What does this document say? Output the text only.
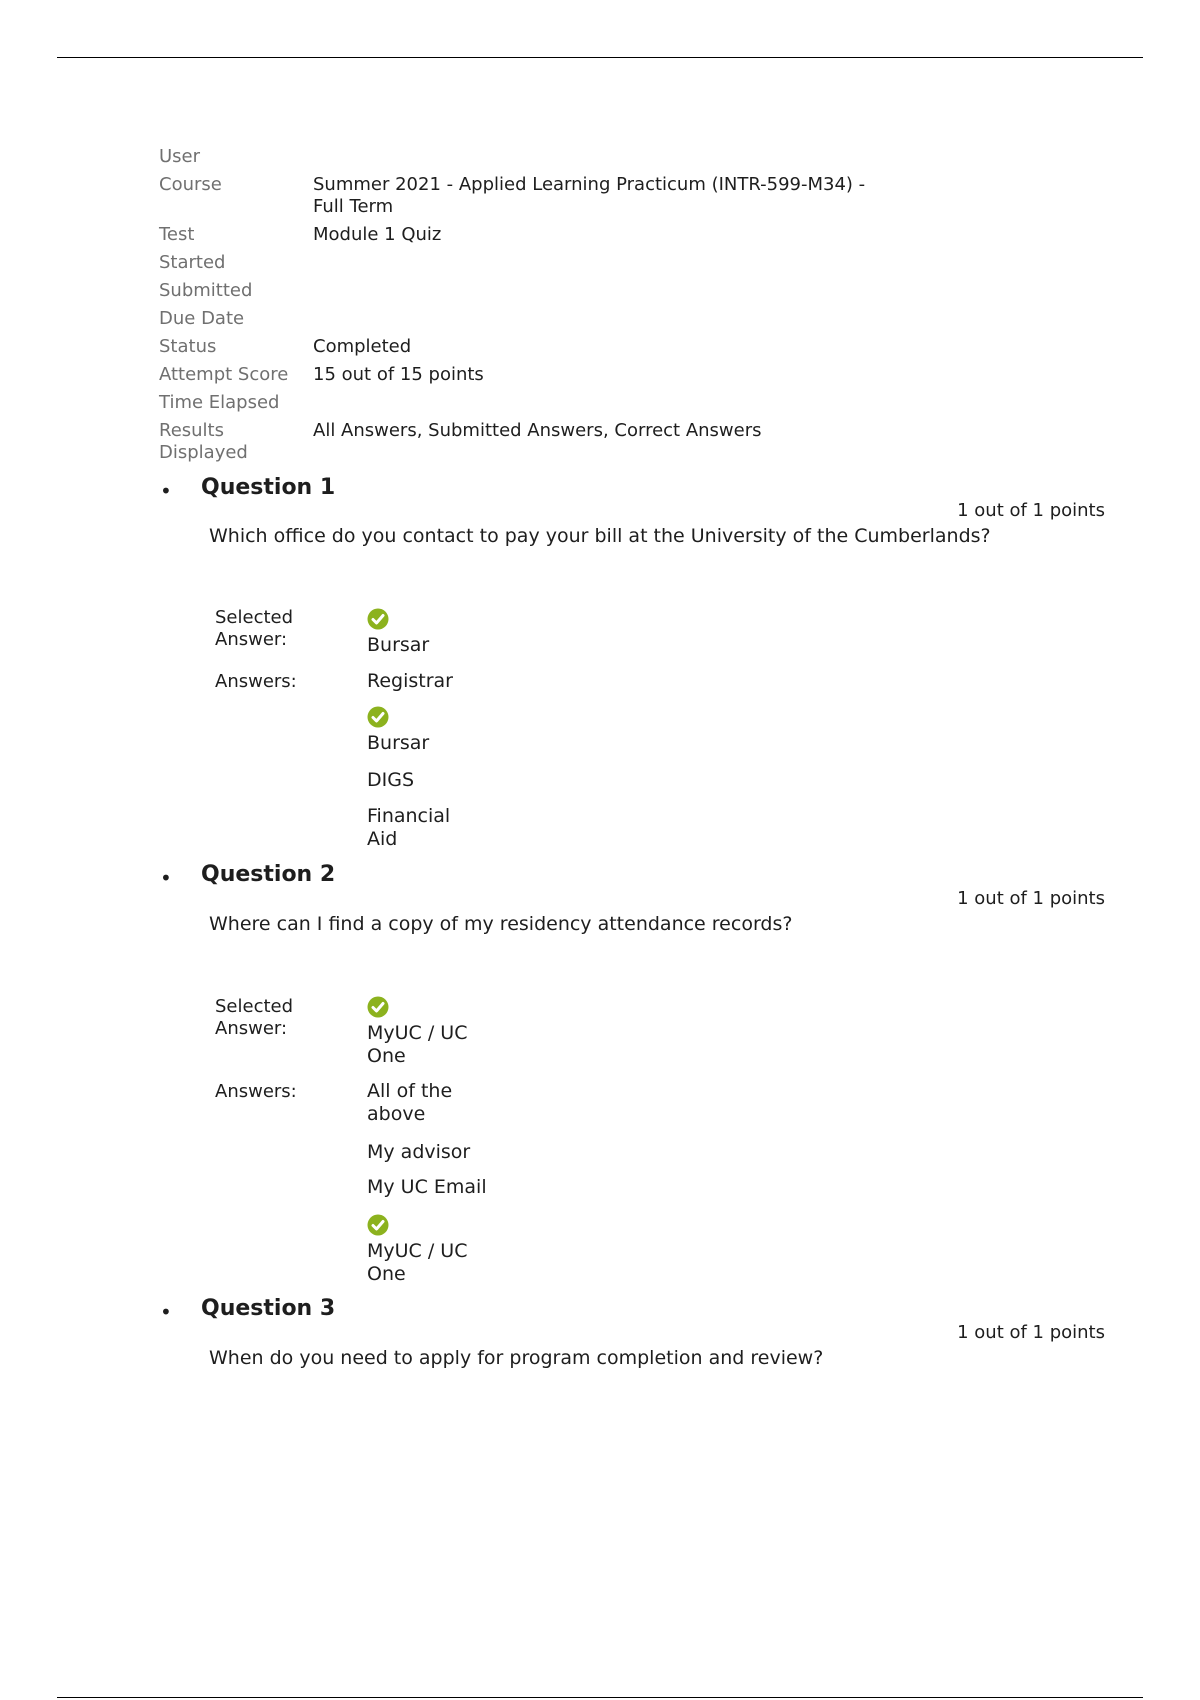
User	
Course	Summer 2021 - Applied Learning Practicum (INTR-599-M34) -
Full Term
Test	Module 1 Quiz
Started	
Submitted	
Due Date	
Status	Completed
Attempt Score	15 out of 15 points
Time Elapsed	
Results
Displayed	All Answers, Submitted Answers, Correct Answers
• Question 1
1 out of 1 points
Which office do you contact to pay your bill at the University of the Cumberlands?
Selected
Answer:	Bursar
Answers:	Registrar
Bursar
DIGS
Financial Aid
• Question 2
1 out of 1 points
Where can I find a copy of my residency attendance records?
Selected
Answer:	MyUC / UC One
Answers:	All of the above
My advisor
My UC Email
MyUC / UC One
• Question 3
1 out of 1 points
When do you need to apply for program completion and review?
